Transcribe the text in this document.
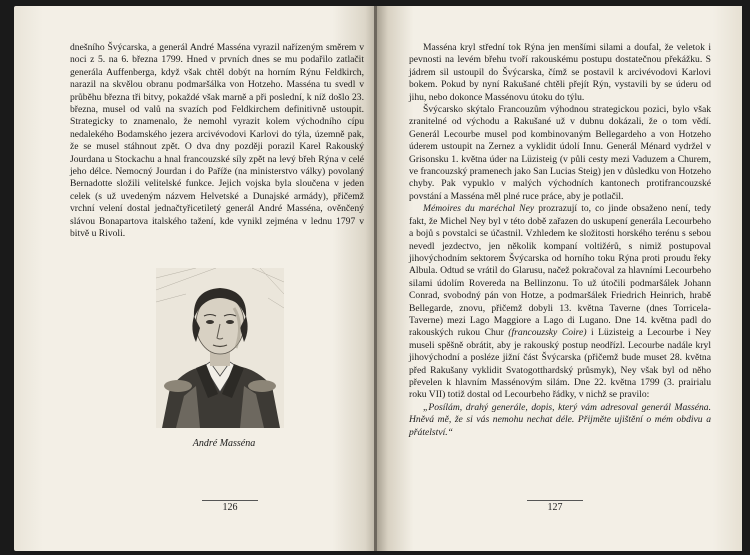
dnešního Švýcarska, a generál André Masséna vyrazil nařízeným směrem v noci z 5. na 6. března 1799. Hned v prvních dnes se mu podařilo zatlačit generála Auffenberga, když však chtěl dobýt na horním Rýnu Feldkirch, narazil na skvělou obranu podmaršálka von Hotzeho. Masséna tu svedl v průběhu března tři bitvy, pokaždé však marně a při poslední, k níž došlo 23. března, musel od valů na svazích pod Feldkirchem definitivně ustoupit. Strategicky to znamenalo, že nemohl vyrazit kolem východního cípu nedalekého Bodamského jezera arcivévodovi Karlovi do týla, územně pak, že se musel stáhnout zpět. O dva dny později porazil Karel Rakouský Jourdana u Stockachu a hnal francouzské síly zpět na levý břeh Rýna v celé jeho délce. Nemocný Jourdan i do Paříže (na ministerstvo války) povolaný Bernadotte složili velitelské funkce. Jejich vojska byla sloučena v jeden celek (s už uvedeným názvem Helvetské a Dunajské armády), přičemž vrchní velení dostal jednačtyřicetiletý generál André Masséna, ověnčený slávou Bonapartova italského tažení, kde vynikl zejména v lednu 1797 v bitvě u Rivoli.

André Masséna
126

Masséna kryl střední tok Rýna jen menšími silami a doufal, že veletok i pevnosti na levém břehu tvoří rakouskému postupu dostatečnou překážku. S jádrem sil ustoupil do Švýcarska, čímž se postavil k arcivévodovi Karlovi bokem. Pokud by nyní Rakušané chtěli přejít Rýn, vystavili by se úderu od jihu, nebo dokonce Massénovu útoku do týlu.

Švýcarsko skýtalo Francouzům výhodnou strategickou pozici, bylo však zranitelné od východu a Rakušané už v dubnu dokázali, že o tom vědí. Generál Lecourbe musel pod kombinovaným Bellegardeho a von Hotzeho úderem ustoupit na Zernez a vyklidit údolí Innu. Generál Ménard vydržel v Grisonsku 1. května úder na Lüzisteig (v půli cesty mezi Vaduzem a Churem, ve francouzský pramenech jako San Lucias Steig) jen v důsledku von Hotzeho chyby. Pak vypuklo v malých východních kantonech protifrancouzské povstání a Masséna měl plné ruce práce, aby je potlačil.

Mémoires du maréchal Ney prozrazují to, co jinde obsaženo není, tedy fakt, že Michel Ney byl v této době zařazen do uskupení generála Lecourbeho a bojů s povstalci se účastnil. Vzhledem ke složitosti horského terénu s sebou nevedl jezdectvo, jen několik kompaní voltižérů, s nimiž postupoval jihovýchodním sektorem Švýcarska od horního toku Rýna proti proudu řeky Albula. Odtud se vrátil do Glarusu, načež pokračoval za hlavními Lecourbeho silami údolím Rovereda na Bellinzonu. To už útočili podmaršálek Johann Conrad, svobodný pán von Hotze, a podmaršálek Friedrich Heinrich, hrabě Bellegarde, znovu, přičemž dobyli 13. května Taverne (dnes Torricela-Taverne) mezi Lago Maggiore a Lago di Lugano. Dne 14. května padl do rakouských rukou Chur (francouzsky Coire) i Lüzisteig a Lecourbe i Ney museli spěšně obrátit, aby je rakouský postup neodřízl. Lecourbe nadále kryl jihovýchodní a posléze jižní část Švýcarska (přičemž bude muset 28. května před Rakušany vyklidit Svatogotthardský průsmyk), Ney však byl od něho převelen k hlavním Massénovým silám. Dne 22. května 1799 (3. prairialu roku VII) totiž dostal od Lecourbeho řádky, v nichž se pravilo:

„Posílám, drahý generále, dopis, který vám adresoval generál Masséna. Hněvá mě, že si vás nemohu nechat déle. Přijměte ujištění o mém obdivu a přátelství.“

127
